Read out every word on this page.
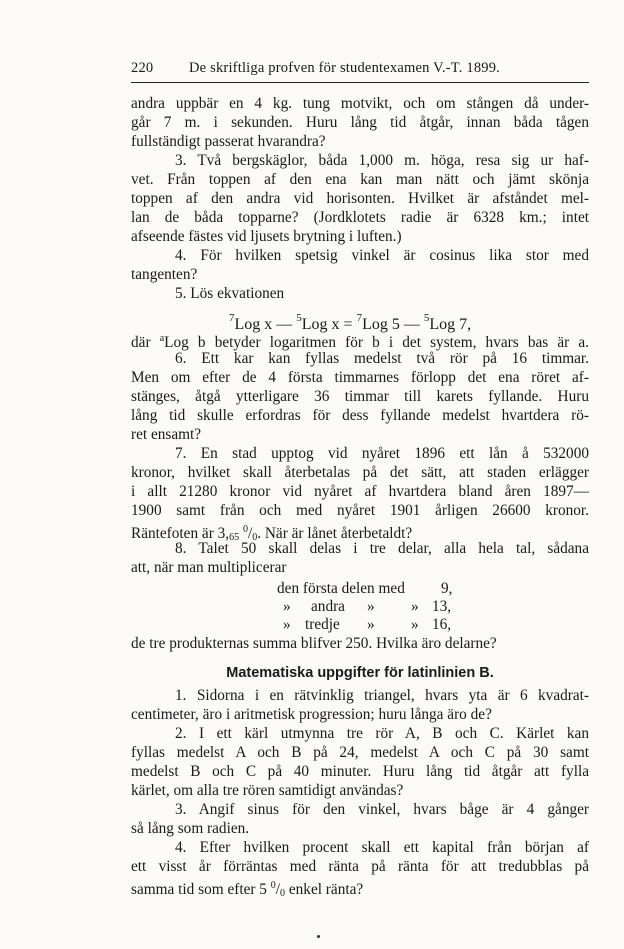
220 De skriftliga profven för studentexamen V.-T. 1899.
andra uppbär en 4 kg. tung motvikt, och om stången då under-
går 7 m. i sekunden. Huru lång tid åtgår, innan båda tågen
fullständigt passerat hvarandra?
3. Två bergskäglor, båda 1,000 m. höga, resa sig ur haf-
vet. Från toppen af den ena kan man nätt och jämt skönja
toppen af den andra vid horisonten. Hvilket är afståndet mel-
lan de båda topparne? (Jordklotets radie är 6328 km.; intet
afseende fästes vid ljusets brytning i luften.)
4. För hvilken spetsig vinkel är cosinus lika stor med
tangenten?
5. Lös ekvationen
$^7$Log x — $^5$Log x = $^7$Log 5 — $^5$Log 7,
där $^a$Log b betyder logaritmen för b i det system, hvars bas är a.
6. Ett kar kan fyllas medelst två rör på 16 timmar.
Men om efter de 4 första timmarnes förlopp det ena röret af-
stänges, åtgå ytterligare 36 timmar till karets fyllande. Huru
lång tid skulle erfordras för dess fyllande medelst hvartdera rö-
ret ensamt?
7. En stad upptog vid nyåret 1896 ett lån å 532000
kronor, hvilket skall återbetalas på det sätt, att staden erlägger
i allt 21280 kronor vid nyåret af hvartdera bland åren 1897—
1900 samt från och med nyåret 1901 årligen 26600 kronor.
Räntefoten är $3,_{65}$ $^0/_0$. När är lånet återbetaldt?
8. Talet 50 skall delas i tre delar, alla hela tal, sådana
att, när man multiplicerar
den första delen med 9,
» andra » » 13,
» tredje » » 16,
de tre produkternas summa blifver 250. Hvilka äro delarne?
Matematiska uppgifter för latinlinien B.
1. Sidorna i en rätvinklig triangel, hvars yta är 6 kvadrat-
centimeter, äro i aritmetisk progression; huru långa äro de?
2. I ett kärl utmynna tre rör A, B och C. Kärlet kan
fyllas medelst A och B på 24, medelst A och C på 30 samt
medelst B och C på 40 minuter. Huru lång tid åtgår att fylla
kärlet, om alla tre rören samtidigt användas?
3. Angif sinus för den vinkel, hvars båge är 4 gånger
så lång som radien.
4. Efter hvilken procent skall ett kapital från början af
ett visst år förräntas med ränta på ränta för att tredubblas på
samma tid som efter 5 $^0/_0$ enkel ränta?
